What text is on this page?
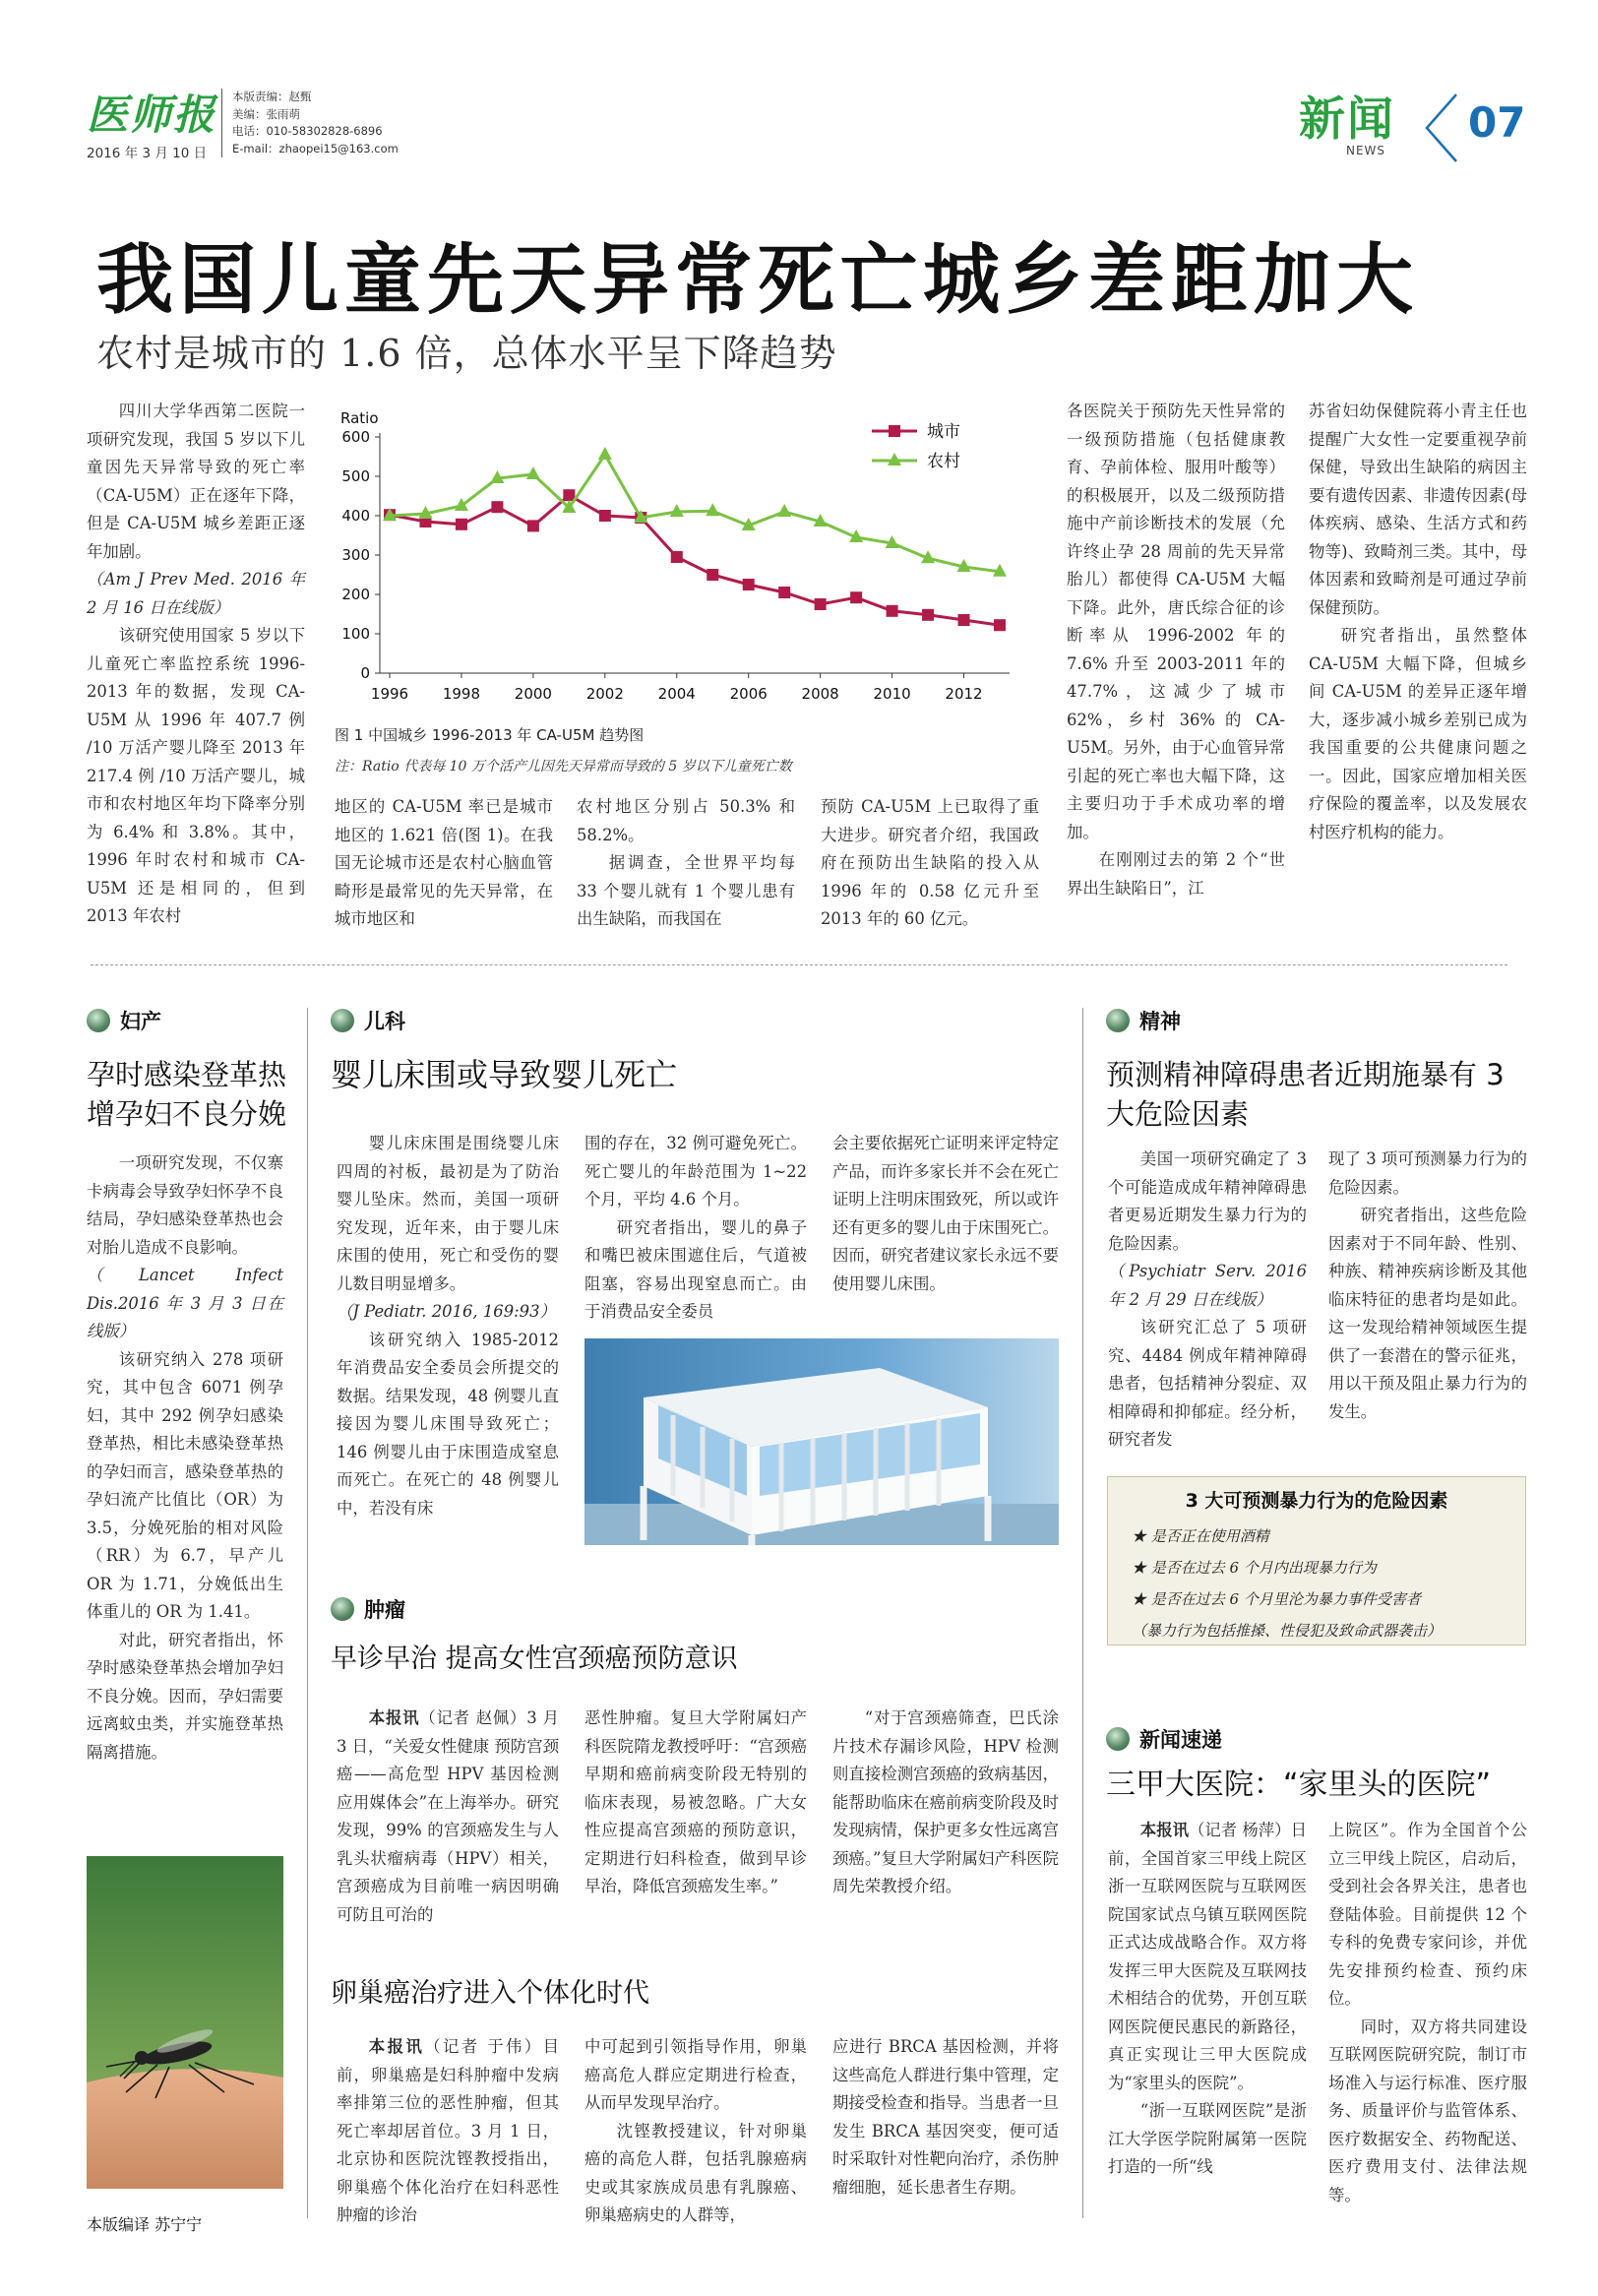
医师报
2016 年 3 月 10 日
本版责编：赵甄
美编：张雨萌
电话：010-58302828-6896
E-mail：zhaopei15@163.com
新闻
NEWS
07
我国儿童先天异常死亡城乡差距加大
农村是城市的 1.6 倍，总体水平呈下降趋势

四川大学华西第二医院一项研究发现，我国 5 岁以下儿童因先天异常导致的死亡率（CA-U5M）正在逐年下降，但是 CA-U5M 城乡差距正逐年加剧。

（Am J Prev Med. 2016 年 2 月 16 日在线版）

该研究使用国家 5 岁以下儿童死亡率监控系统 1996-2013 年的数据，发现 CA-U5M 从 1996 年 407.7 例 /10 万活产婴儿降至 2013 年 217.4 例 /10 万活产婴儿，城市和农村地区年均下降率分别为 6.4% 和 3.8%。其中，1996 年时农村和城市 CA-U5M 还是相同的，但到 2013 年农村

Ratio
0
100
200
300
400
500
600
1996 1998 2000 2002 2004 2006 2008 2010 2012
城市
农村
图 1 中国城乡 1996-2013 年 CA-U5M 趋势图
注：Ratio 代表每 10 万个活产儿因先天异常而导致的 5 岁以下儿童死亡数

地区的 CA-U5M 率已是城市地区的 1.621 倍(图 1)。在我国无论城市还是农村心脑血管畸形是最常见的先天异常，在城市地区和

农村地区分别占 50.3% 和 58.2%。

据调查，全世界平均每 33 个婴儿就有 1 个婴儿患有出生缺陷，而我国在

预防 CA-U5M 上已取得了重大进步。研究者介绍，我国政府在预防出生缺陷的投入从 1996 年的 0.58 亿元升至 2013 年的 60 亿元。

各医院关于预防先天性异常的一级预防措施（包括健康教育、孕前体检、服用叶酸等）的积极展开，以及二级预防措施中产前诊断技术的发展（允许终止孕 28 周前的先天异常胎儿）都使得 CA-U5M 大幅下降。此外，唐氏综合征的诊断率从 1996-2002 年的 7.6% 升至 2003-2011 年的 47.7%，这减少了城市 62%，乡村 36% 的 CA-U5M。另外，由于心血管异常引起的死亡率也大幅下降，这主要归功于手术成功率的增加。

在刚刚过去的第 2 个“世界出生缺陷日”，江

苏省妇幼保健院蒋小青主任也提醒广大女性一定要重视孕前保健，导致出生缺陷的病因主要有遗传因素、非遗传因素(母体疾病、感染、生活方式和药物等)、致畸剂三类。其中，母体因素和致畸剂是可通过孕前保健预防。

研究者指出，虽然整体 CA-U5M 大幅下降，但城乡间 CA-U5M 的差异正逐年增大，逐步减小城乡差别已成为我国重要的公共健康问题之一。因此，国家应增加相关医疗保险的覆盖率，以及发展农村医疗机构的能力。

妇产
孕时感染登革热增孕妇不良分娩

一项研究发现，不仅寨卡病毒会导致孕妇怀孕不良结局，孕妇感染登革热也会对胎儿造成不良影响。

（Lancet Infect Dis.2016 年 3 月 3 日在线版）

该研究纳入 278 项研究，其中包含 6071 例孕妇，其中 292 例孕妇感染登革热，相比未感染登革热的孕妇而言，感染登革热的孕妇流产比值比（OR）为 3.5，分娩死胎的相对风险（RR）为 6.7，早产儿 OR 为 1.71，分娩低出生体重儿的 OR 为 1.41。

对此，研究者指出，怀孕时感染登革热会增加孕妇不良分娩。因而，孕妇需要远离蚊虫类，并实施登革热隔离措施。

儿科
婴儿床围或导致婴儿死亡

婴儿床床围是围绕婴儿床四周的衬板，最初是为了防治婴儿坠床。然而，美国一项研究发现，近年来，由于婴儿床床围的使用，死亡和受伤的婴儿数目明显增多。

（J Pediatr. 2016, 169:93）

该研究纳入 1985-2012 年消费品安全委员会所提交的数据。结果发现，48 例婴儿直接因为婴儿床围导致死亡；146 例婴儿由于床围造成窒息而死亡。在死亡的 48 例婴儿中，若没有床

围的存在，32 例可避免死亡。死亡婴儿的年龄范围为 1~22 个月，平均 4.6 个月。

研究者指出，婴儿的鼻子和嘴巴被床围遮住后，气道被阻塞，容易出现窒息而亡。由于消费品安全委员

会主要依据死亡证明来评定特定产品，而许多家长并不会在死亡证明上注明床围致死，所以或许还有更多的婴儿由于床围死亡。因而，研究者建议家长永远不要使用婴儿床围。

肿瘤
早诊早治 提高女性宫颈癌预防意识

本报讯（记者 赵佩）3 月 3 日，“关爱女性健康 预防宫颈癌——高危型 HPV 基因检测应用媒体会”在上海举办。研究发现，99% 的宫颈癌发生与人乳头状瘤病毒（HPV）相关，宫颈癌成为目前唯一病因明确可防且可治的

恶性肿瘤。复旦大学附属妇产科医院隋龙教授呼吁：“宫颈癌早期和癌前病变阶段无特别的临床表现，易被忽略。广大女性应提高宫颈癌的预防意识，定期进行妇科检查，做到早诊早治，降低宫颈癌发生率。”

“对于宫颈癌筛查，巴氏涂片技术存漏诊风险，HPV 检测则直接检测宫颈癌的致病基因，能帮助临床在癌前病变阶段及时发现病情，保护更多女性远离宫颈癌。”复旦大学附属妇产科医院周先荣教授介绍。

卵巢癌治疗进入个体化时代

本报讯（记者 于伟）目前，卵巢癌是妇科肿瘤中发病率排第三位的恶性肿瘤，但其死亡率却居首位。3 月 1 日，北京协和医院沈铿教授指出，卵巢癌个体化治疗在妇科恶性肿瘤的诊治

中可起到引领指导作用，卵巢癌高危人群应定期进行检查，从而早发现早治疗。

沈铿教授建议，针对卵巢癌的高危人群，包括乳腺癌病史或其家族成员患有乳腺癌、卵巢癌病史的人群等，

应进行 BRCA 基因检测，并将这些高危人群进行集中管理，定期接受检查和指导。当患者一旦发生 BRCA 基因突变，便可适时采取针对性靶向治疗，杀伤肿瘤细胞，延长患者生存期。

精神
预测精神障碍患者近期施暴有 3 大危险因素

美国一项研究确定了 3 个可能造成成年精神障碍患者更易近期发生暴力行为的危险因素。

（Psychiatr Serv. 2016 年 2 月 29 日在线版）

该研究汇总了 5 项研究、4484 例成年精神障碍患者，包括精神分裂症、双相障碍和抑郁症。经分析，研究者发

现了 3 项可预测暴力行为的危险因素。

研究者指出，这些危险因素对于不同年龄、性别、种族、精神疾病诊断及其他临床特征的患者均是如此。这一发现给精神领域医生提供了一套潜在的警示征兆，用以干预及阻止暴力行为的发生。

3 大可预测暴力行为的危险因素
★ 是否正在使用酒精
★ 是否在过去 6 个月内出现暴力行为
★ 是否在过去 6 个月里沦为暴力事件受害者
（暴力行为包括推搡、性侵犯及致命武器袭击）
新闻速递
三甲大医院：“家里头的医院”

本报讯（记者 杨萍）日前，全国首家三甲线上院区浙一互联网医院与互联网医院国家试点乌镇互联网医院正式达成战略合作。双方将发挥三甲大医院及互联网技术相结合的优势，开创互联网医院便民惠民的新路径，真正实现让三甲大医院成为“家里头的医院”。

“浙一互联网医院”是浙江大学医学院附属第一医院打造的一所“线

上院区”。作为全国首个公立三甲线上院区，启动后，受到社会各界关注，患者也登陆体验。目前提供 12 个专科的免费专家问诊，并优先安排预约检查、预约床位。

同时，双方将共同建设互联网医院研究院，制订市场准入与运行标准、医疗服务、质量评价与监管体系、医疗数据安全、药物配送、医疗费用支付、法律法规等。

本版编译 苏宁宁
